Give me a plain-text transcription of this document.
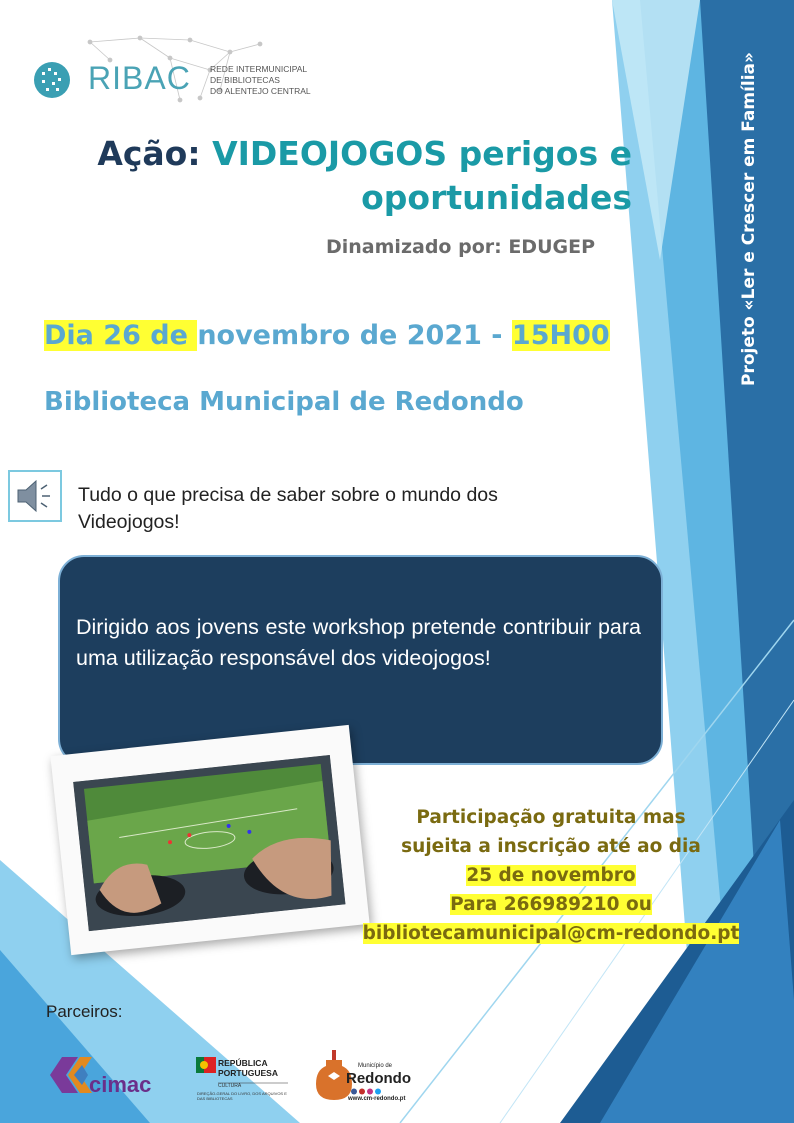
Projeto «Ler e Crescer em Família»
RIBAC REDE INTERMUNICIPAL
DE BIBLIOTECAS
DO ALENTEJO CENTRAL
Ação: VIDEOJOGOS perigos e
oportunidades
Dinamizado por: EDUGEP
Dia 26 de novembro de 2021 - 15H00
Biblioteca Municipal de Redondo
Tudo o que precisa de saber sobre o mundo dos Videojogos!
Dirigido aos jovens este workshop pretende contribuir para uma utilização responsável dos videojogos!
Participação gratuita mas
sujeita a inscrição até ao dia
25 de novembro
Para 266989210 ou
bibliotecamunicipal@cm-redondo.pt
Parceiros:
cimac
REPÚBLICA
PORTUGUESA
CULTURA
DIREÇÃO-GERAL DO LIVRO, DOS ARQUIVOS E DAS BIBLIOTECAS
Município de
Redondo
www.cm-redondo.pt
